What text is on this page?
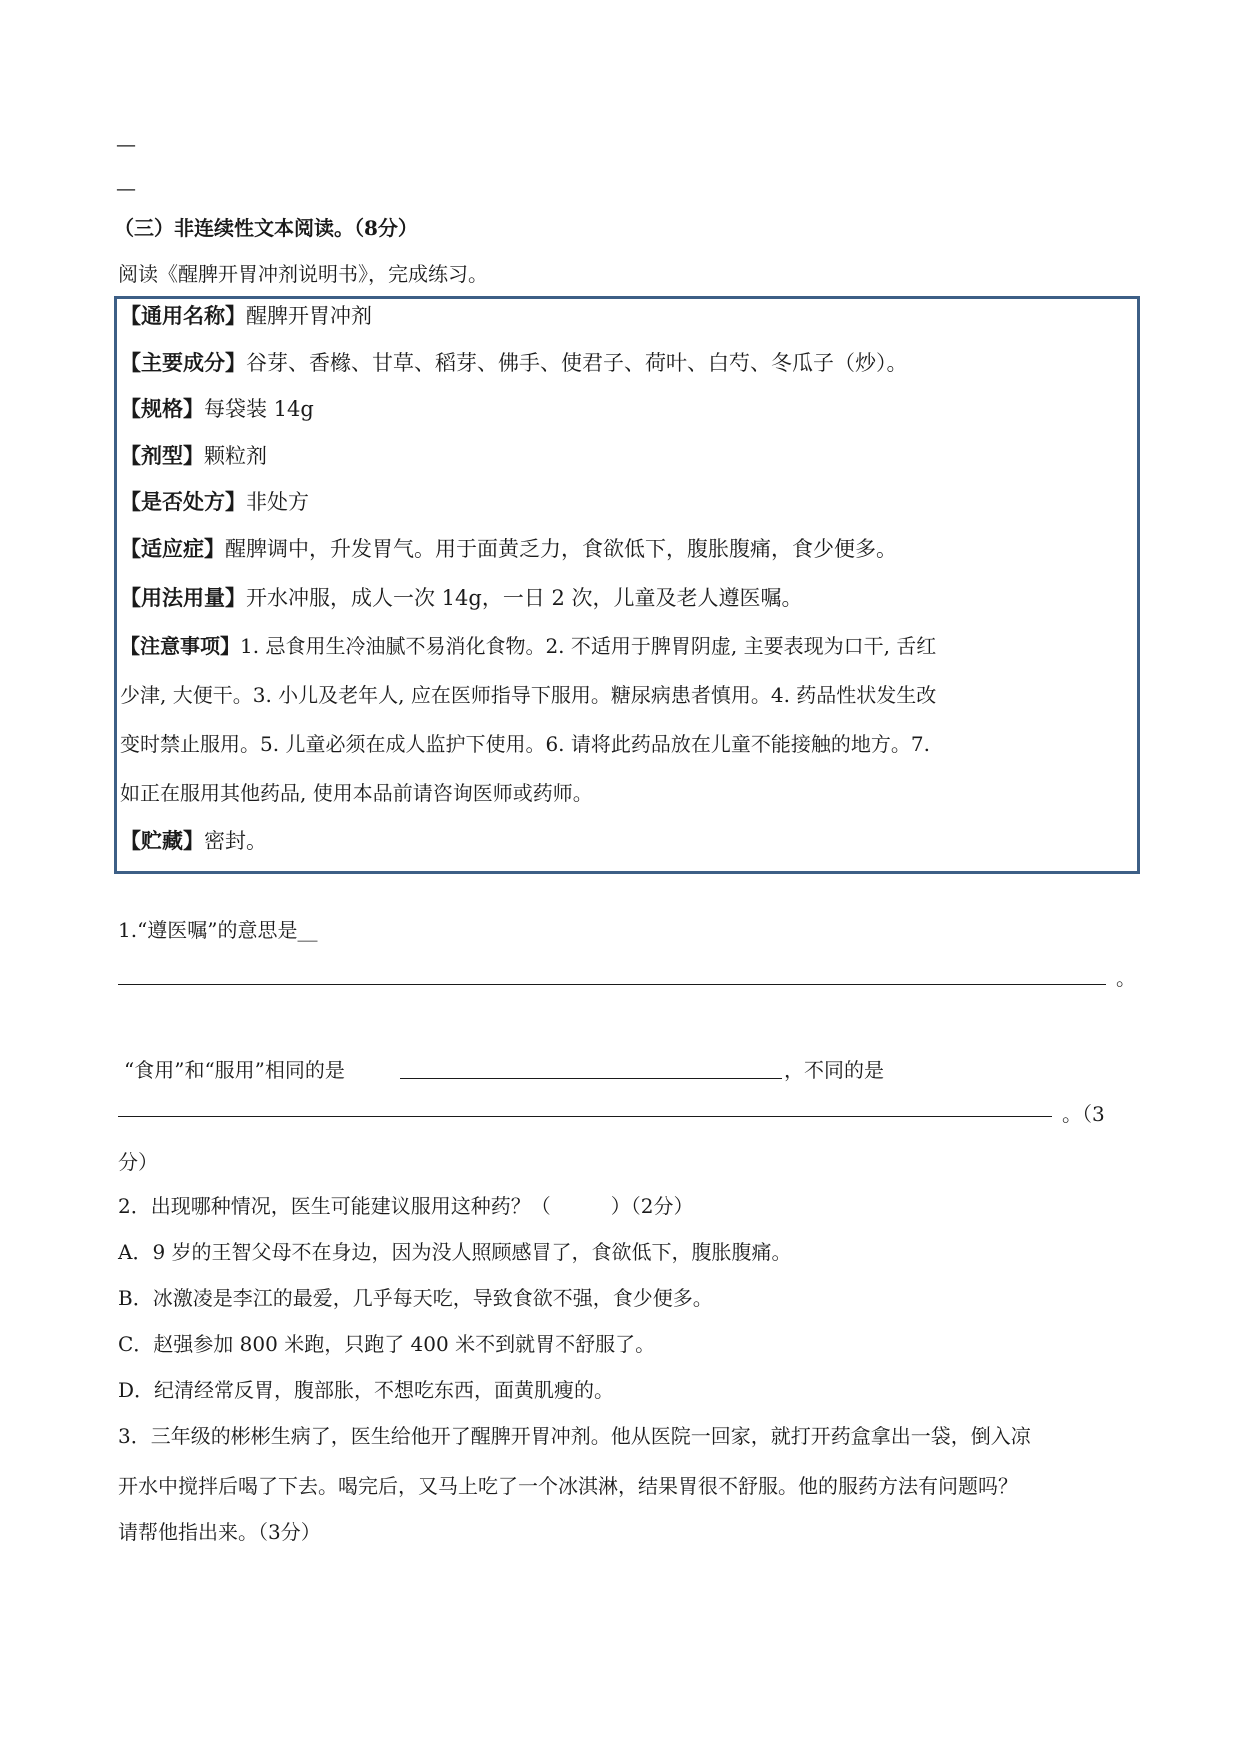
—
—
（三）非连续性文本阅读。（8分）
阅读《醒脾开胃冲剂说明书》，完成练习。
【通用名称】醒脾开胃冲剂
【主要成分】谷芽、香橼、甘草、稻芽、佛手、使君子、荷叶、白芍、冬瓜子（炒）。
【规格】每袋装 14g
【剂型】颗粒剂
【是否处方】非处方
【适应症】醒脾调中，升发胃气。用于面黄乏力，食欲低下，腹胀腹痛，食少便多。
【用法用量】开水冲服，成人一次 14g，一日 2 次，儿童及老人遵医嘱。
【注意事项】1. 忌食用生冷油腻不易消化食物。2. 不适用于脾胃阴虚, 主要表现为口干, 舌红
少津, 大便干。3. 小儿及老年人, 应在医师指导下服用。糖尿病患者慎用。4. 药品性状发生改
变时禁止服用。5. 儿童必须在成人监护下使用。6. 请将此药品放在儿童不能接触的地方。7.
如正在服用其他药品, 使用本品前请咨询医师或药师。
【贮藏】密封。
1.“遵医嘱”的意思是__
。
“食用”和“服用”相同的是	，不同的是
。（3
分）
2．出现哪种情况，医生可能建议服用这种药？（　　　）（2分）
A．9 岁的王智父母不在身边，因为没人照顾感冒了，食欲低下，腹胀腹痛。
B．冰激凌是李江的最爱，几乎每天吃，导致食欲不强，食少便多。
C．赵强参加 800 米跑，只跑了 400 米不到就胃不舒服了。
D．纪清经常反胃，腹部胀，不想吃东西，面黄肌瘦的。
3．三年级的彬彬生病了，医生给他开了醒脾开胃冲剂。他从医院一回家，就打开药盒拿出一袋，倒入凉
开水中搅拌后喝了下去。喝完后，又马上吃了一个冰淇淋，结果胃很不舒服。他的服药方法有问题吗？
请帮他指出来。（3分）
